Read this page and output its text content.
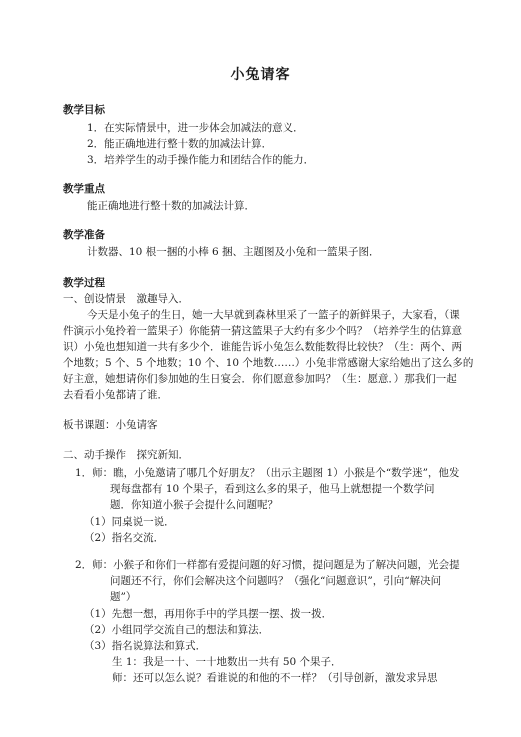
小兔请客

教学目标

1．在实际情景中，进一步体会加减法的意义．

2．能正确地进行整十数的加减法计算．

3．培养学生的动手操作能力和团结合作的能力．

教学重点

能正确地进行整十数的加减法计算．

教学准备

计数器、10 根一捆的小棒 6 捆、主题图及小兔和一篮果子图．

教学过程

一、创设情景　激趣导入．

今天是小兔子的生日，她一大早就到森林里采了一篮子的新鲜果子，大家看，（课

件演示小兔拎着一篮果子）你能猜一猜这篮果子大约有多少个吗？（培养学生的估算意

识）小兔也想知道一共有多少个．谁能告诉小兔怎么数能数得比较快？（生：两个、两

个地数；5 个、5 个地数；10 个、10 个地数……）小兔非常感谢大家给她出了这么多的

好主意，她想请你们参加她的生日宴会．你们愿意参加吗？（生：愿意．）那我们一起

去看看小兔都请了谁．

板书课题：小兔请客

二、动手操作　探究新知．

1．师：瞧，小兔邀请了哪几个好朋友？（出示主题图 1）小猴是个“数学迷”，他发

现每盘都有 10 个果子，看到这么多的果子，他马上就想提一个数学问

题．你知道小猴子会提什么问题呢？

（1）同桌说一说．

（2）指名交流．

2．师：小猴子和你们一样都有爱提问题的好习惯，提问题是为了解决问题，光会提

问题还不行，你们会解决这个问题吗？（强化“问题意识”，引向“解决问

题”）

（1）先想一想，再用你手中的学具摆一摆、拨一拨．

（2）小组同学交流自己的想法和算法．

（3）指名说算法和算式．

生 1：我是一十、一十地数出一共有 50 个果子．

师：还可以怎么说？看谁说的和他的不一样？（引导创新，激发求异思
